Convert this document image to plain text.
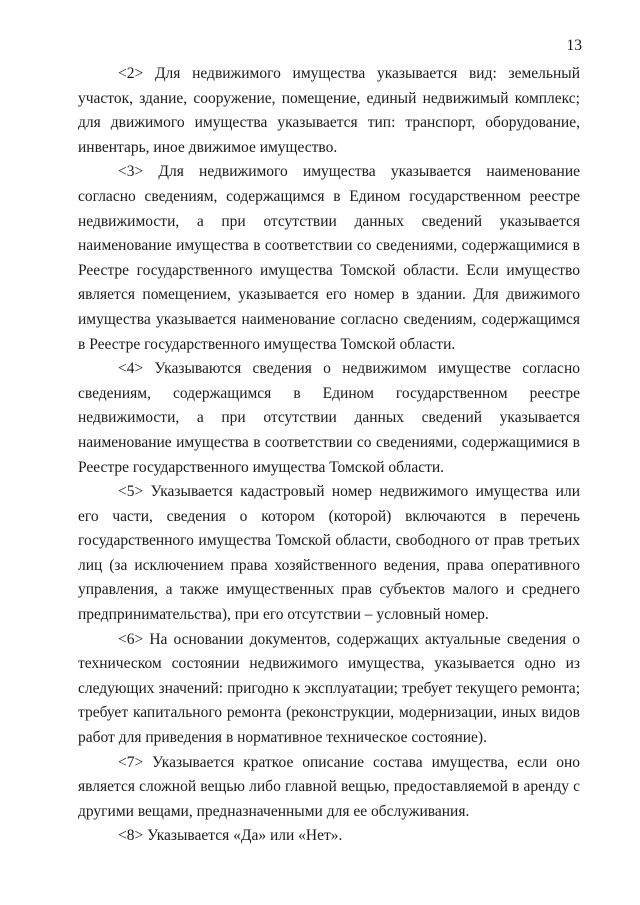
13

<2> Для недвижимого имущества указывается вид: земельный участок, здание, сооружение, помещение, единый недвижимый комплекс; для движимого имущества указывается тип: транспорт, оборудование, инвентарь, иное движимое имущество.

<3> Для недвижимого имущества указывается наименование согласно сведениям, содержащимся в Едином государственном реестре недвижимости, а при отсутствии данных сведений указывается наименование имущества в соответствии со сведениями, содержащимися в Реестре государственного имущества Томской области. Если имущество является помещением, указывается его номер в здании. Для движимого имущества указывается наименование согласно сведениям, содержащимся в Реестре государственного имущества Томской области.

<4> Указываются сведения о недвижимом имуществе согласно сведениям, содержащимся в Едином государственном реестре недвижимости, а при отсутствии данных сведений указывается наименование имущества в соответствии со сведениями, содержащимися в Реестре государственного имущества Томской области.

<5> Указывается кадастровый номер недвижимого имущества или его части, сведения о котором (которой) включаются в перечень государственного имущества Томской области, свободного от прав третьих лиц (за исключением права хозяйственного ведения, права оперативного управления, а также имущественных прав субъектов малого и среднего предпринимательства), при его отсутствии – условный номер.

<6> На основании документов, содержащих актуальные сведения о техническом состоянии недвижимого имущества, указывается одно из следующих значений: пригодно к эксплуатации; требует текущего ремонта; требует капитального ремонта (реконструкции, модернизации, иных видов работ для приведения в нормативное техническое состояние).

<7> Указывается краткое описание состава имущества, если оно является сложной вещью либо главной вещью, предоставляемой в аренду с другими вещами, предназначенными для ее обслуживания.

<8> Указывается «Да» или «Нет».
